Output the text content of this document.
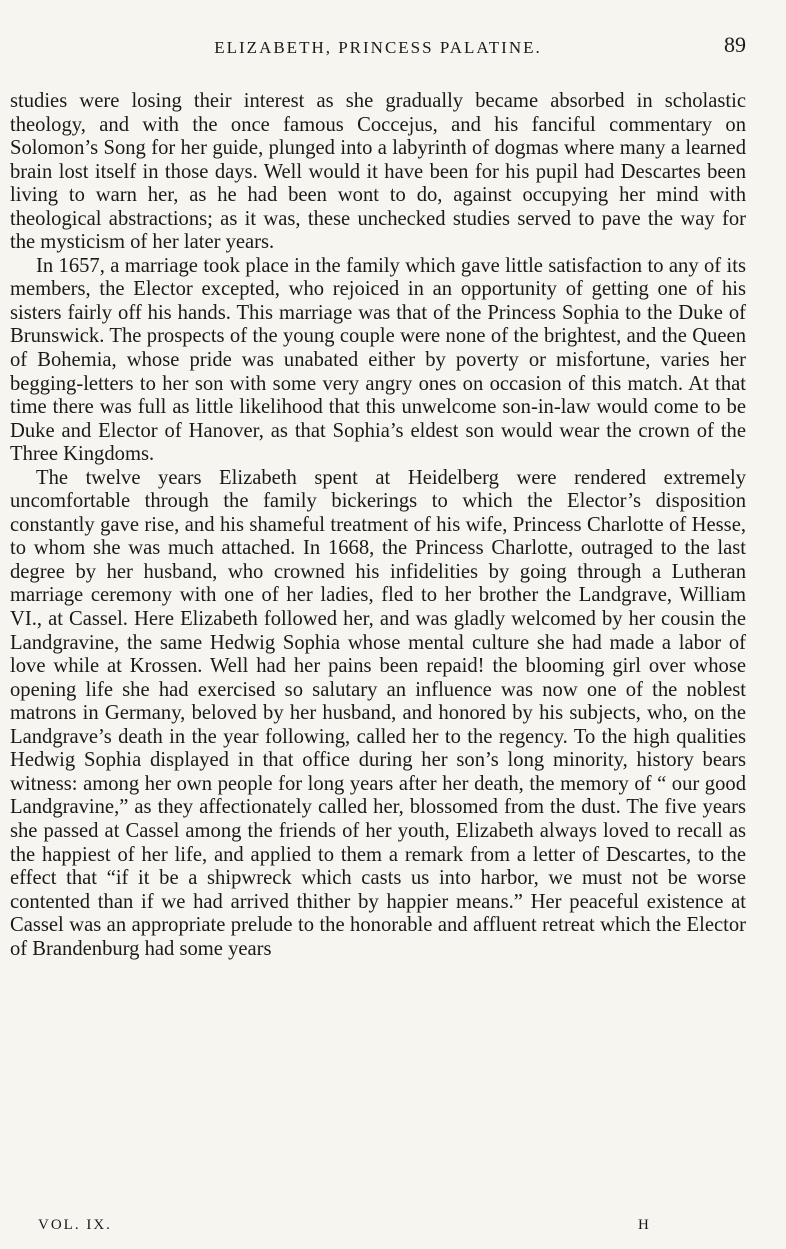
ELIZABETH, PRINCESS PALATINE.	89

studies were losing their interest as she gradually became absorbed in scholastic theology, and with the once famous Coccejus, and his fanciful commentary on Solomon’s Song for her guide, plunged into a labyrinth of dogmas where many a learned brain lost itself in those days. Well would it have been for his pupil had Descartes been living to warn her, as he had been wont to do, against occupying her mind with theological abstractions; as it was, these unchecked studies served to pave the way for the mysticism of her later years.

In 1657, a marriage took place in the family which gave little satisfaction to any of its members, the Elector excepted, who rejoiced in an opportunity of getting one of his sisters fairly off his hands. This marriage was that of the Princess Sophia to the Duke of Brunswick. The prospects of the young couple were none of the brightest, and the Queen of Bohemia, whose pride was unabated either by poverty or misfortune, varies her begging-letters to her son with some very angry ones on occasion of this match. At that time there was full as little likelihood that this unwelcome son-in-law would come to be Duke and Elector of Hanover, as that Sophia’s eldest son would wear the crown of the Three Kingdoms.

The twelve years Elizabeth spent at Heidelberg were rendered extremely uncomfortable through the family bickerings to which the Elector’s disposition constantly gave rise, and his shameful treatment of his wife, Princess Charlotte of Hesse, to whom she was much attached. In 1668, the Princess Charlotte, outraged to the last degree by her husband, who crowned his infidelities by going through a Lutheran marriage ceremony with one of her ladies, fled to her brother the Landgrave, William VI., at Cassel. Here Elizabeth followed her, and was gladly welcomed by her cousin the Landgravine, the same Hedwig Sophia whose mental culture she had made a labor of love while at Krossen. Well had her pains been repaid! the blooming girl over whose opening life she had exercised so salutary an influence was now one of the noblest matrons in Germany, beloved by her husband, and honored by his subjects, who, on the Landgrave’s death in the year following, called her to the regency. To the high qualities Hedwig Sophia displayed in that office during her son’s long minority, history bears witness: among her own people for long years after her death, the memory of “ our good Landgravine,” as they affectionately called her, blossomed from the dust. The five years she passed at Cassel among the friends of her youth, Elizabeth always loved to recall as the happiest of her life, and applied to them a remark from a letter of Descartes, to the effect that “if it be a shipwreck which casts us into harbor, we must not be worse contented than if we had arrived thither by happier means.” Her peaceful existence at Cassel was an appropriate prelude to the honorable and affluent retreat which the Elector of Brandenburg had some years

VOL. IX.	H
